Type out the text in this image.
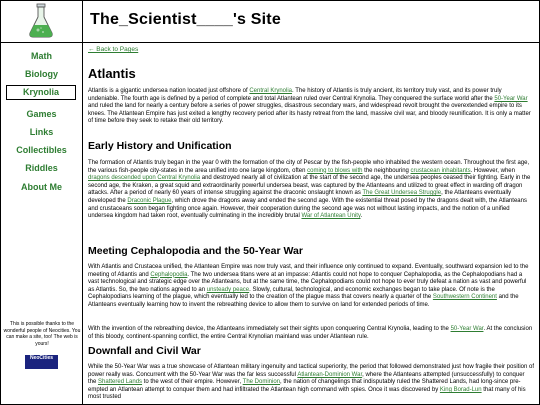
The_Scientist____'s Site
Math
Biology
Krynolia
Games
Links
Collectibles
Riddles
About Me
This is possible thanks to the wonderful people of Neocities. You can make a site, too! The web is yours!
NeoCities
← Back to Pages
Atlantis

Atlantis is a gigantic undersea nation located just offshore of Central Krynolia. The history of Atlantis is truly ancient, its territory truly vast, and its power truly undeniable. The fourth age is defined by a period of complete and total Atlantean ruled over Central Krynolia. They conquered the surface world after the 50-Year War and ruled the land for nearly a century before a series of power struggles, disastrous secondary wars, and widespread revolt brought the overextended empire to its knees. The Atlantean Empire has just exited a lengthy recovery period after its hasty retreat from the land, massive civil war, and bloody reunification. It is only a matter of time before they seek to retake their old territory.

Early History and Unification

The formation of Atlantis truly began in the year 0 with the formation of the city of Pescar by the fish-people who inhabited the western ocean. Throughout the first age, the various fish-people city-states in the area unified into one large kingdom, often coming to blows with the neighbouring crustacean inhabitants. However, when dragons descended upon Central Krynolia and destroyed nearly all of civilization at the start of the second age, the undersea peoples ceased their fighting. Early in the second age, the Kraken, a great squid and extraordinarily powerful undersea beast, was captured by the Atlanteans and utilized to great effect in warding off dragon attacks. After a period of nearly 60 years of intense struggling against the draconic onslaught known as The Great Undersea Struggle, the Atlanteans eventually developed the Draconic Plague, which drove the dragons away and ended the second age. With the existential threat posed by the dragons dealt with, the Atlanteans and crustaceans soon began fighting once again. However, their cooperation during the second age was not without lasting impacts, and the notion of a unified undersea kingdom had taken root, eventually culminating in the incredibly brutal War of Atlantean Unity.

Meeting Cephalopodia and the 50-Year War

With Atlantis and Crustacea unified, the Atlantean Empire was now truly vast, and their influence only continued to expand. Eventually, southward expansion led to the meeting of Atlantis and Cephalopodia. The two undersea titans were at an impasse: Atlantis could not hope to conquer Cephalopodia, as the Cephalopodians had a vast technological and strategic edge over the Atlanteans, but at the same time, the Cephalopodians could not hope to ever truly defeat a nation as vast and powerful as Atlantis. So, the two nations agreed to an unsteady peace. Slowly, cultural, technological, and economic exchanges began to take place. Of note is the Cephalopodians learning of the plague, which eventually led to the creation of the plague mass that covers nearly a quarter of the Southwestern Continent and the Atlanteans eventually learning how to invent the rebreathing device to allow them to survive on land for extended periods of time.

With the invention of the rebreathing device, the Atlanteans immediately set their sights upon conquering Central Krynolia, leading to the 50-Year War. At the conclusion of this bloody, continent-spanning conflict, the entire Central Krynolian mainland was under Atlantean rule.

Downfall and Civil War

While the 50-Year War was a true showcase of Atlantean military ingenuity and tactical superiority, the period that followed demonstrated just how fragile their position of power really was. Concurrent with the 50-Year War was the far less successful Atlantean-Dominion War, where the Atlanteans attempted (unsuccessfully) to conquer the Shattered Lands to the west of their empire. However, The Dominion, the nation of changelings that indisputably ruled the Shattered Lands, had long-since pre-empted an Atlantean attempt to conquer them and had infiltrated the Atlantean high command with spies. Once it was discovered by King Borad-Lun that many of his most trusted
